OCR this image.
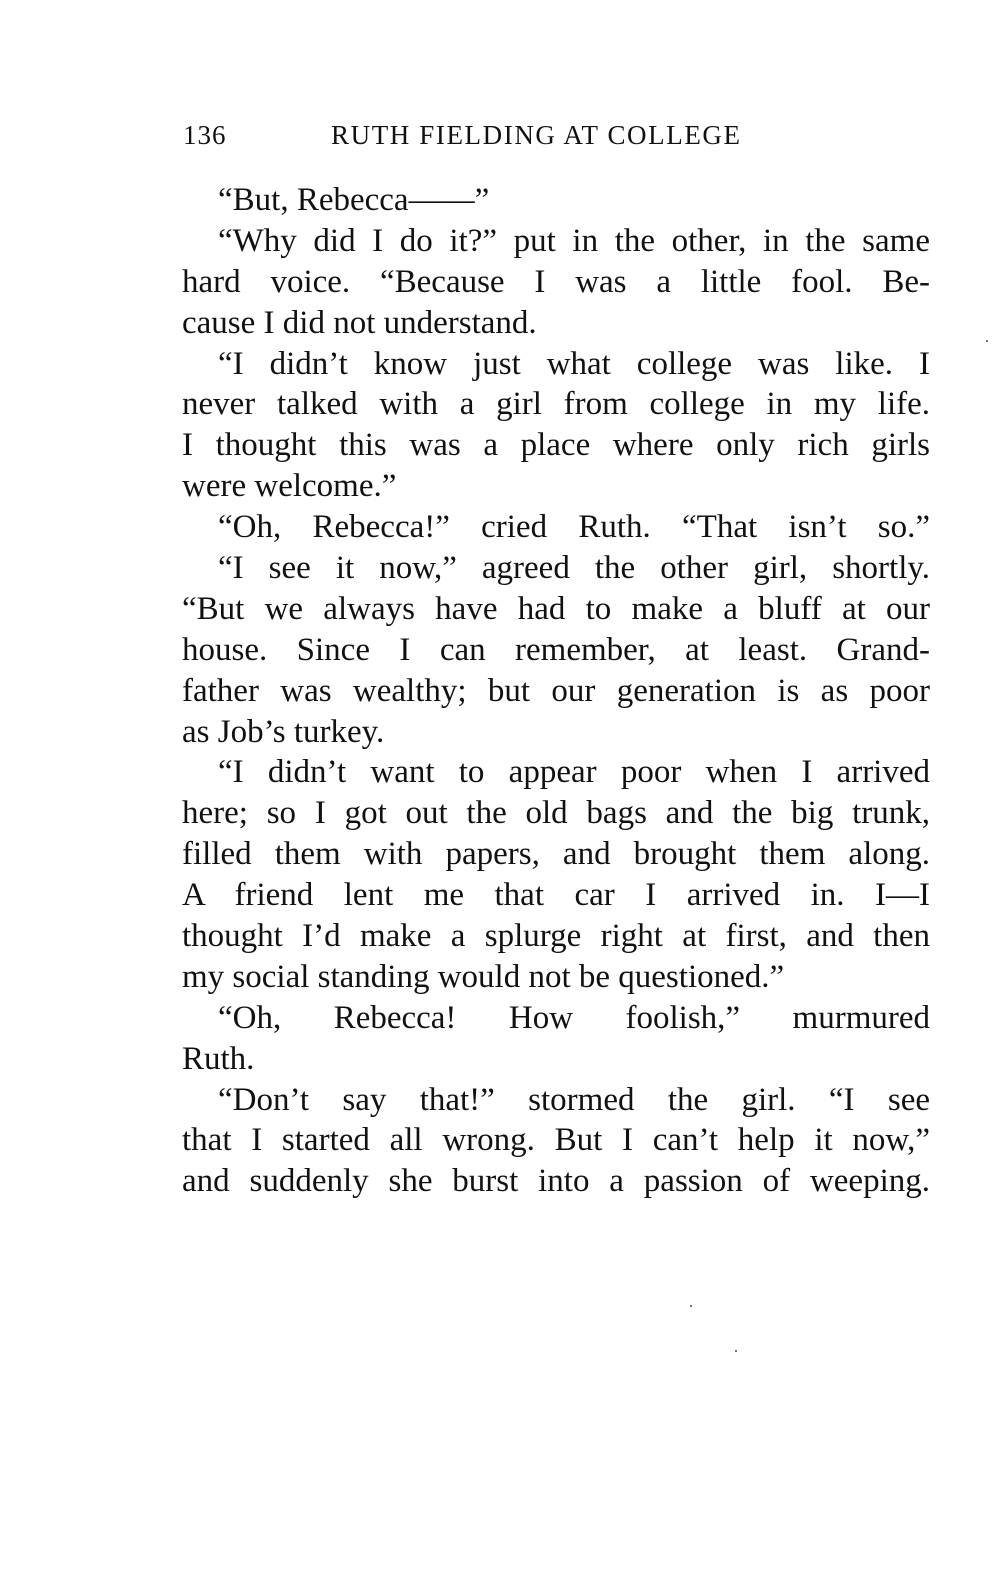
136	RUTH FIELDING AT COLLEGE
“But, Rebecca——”
“Why did I do it?” put in the other, in the same
hard voice. “Because I was a little fool. Be-
cause I did not understand.
“I didn’t know just what college was like. I
never talked with a girl from college in my life.
I thought this was a place where only rich girls
were welcome.”
“Oh, Rebecca!” cried Ruth. “That isn’t so.”
“I see it now,” agreed the other girl, shortly.
“But we always have had to make a bluff at our
house. Since I can remember, at least. Grand-
father was wealthy; but our generation is as poor
as Job’s turkey.
“I didn’t want to appear poor when I arrived
here; so I got out the old bags and the big trunk,
filled them with papers, and brought them along.
A friend lent me that car I arrived in. I—I
thought I’d make a splurge right at first, and then
my social standing would not be questioned.”
“Oh, Rebecca! How foolish,” murmured
Ruth.
“Don’t say that!” stormed the girl. “I see
that I started all wrong. But I can’t help it now,”
and suddenly she burst into a passion of weeping.
